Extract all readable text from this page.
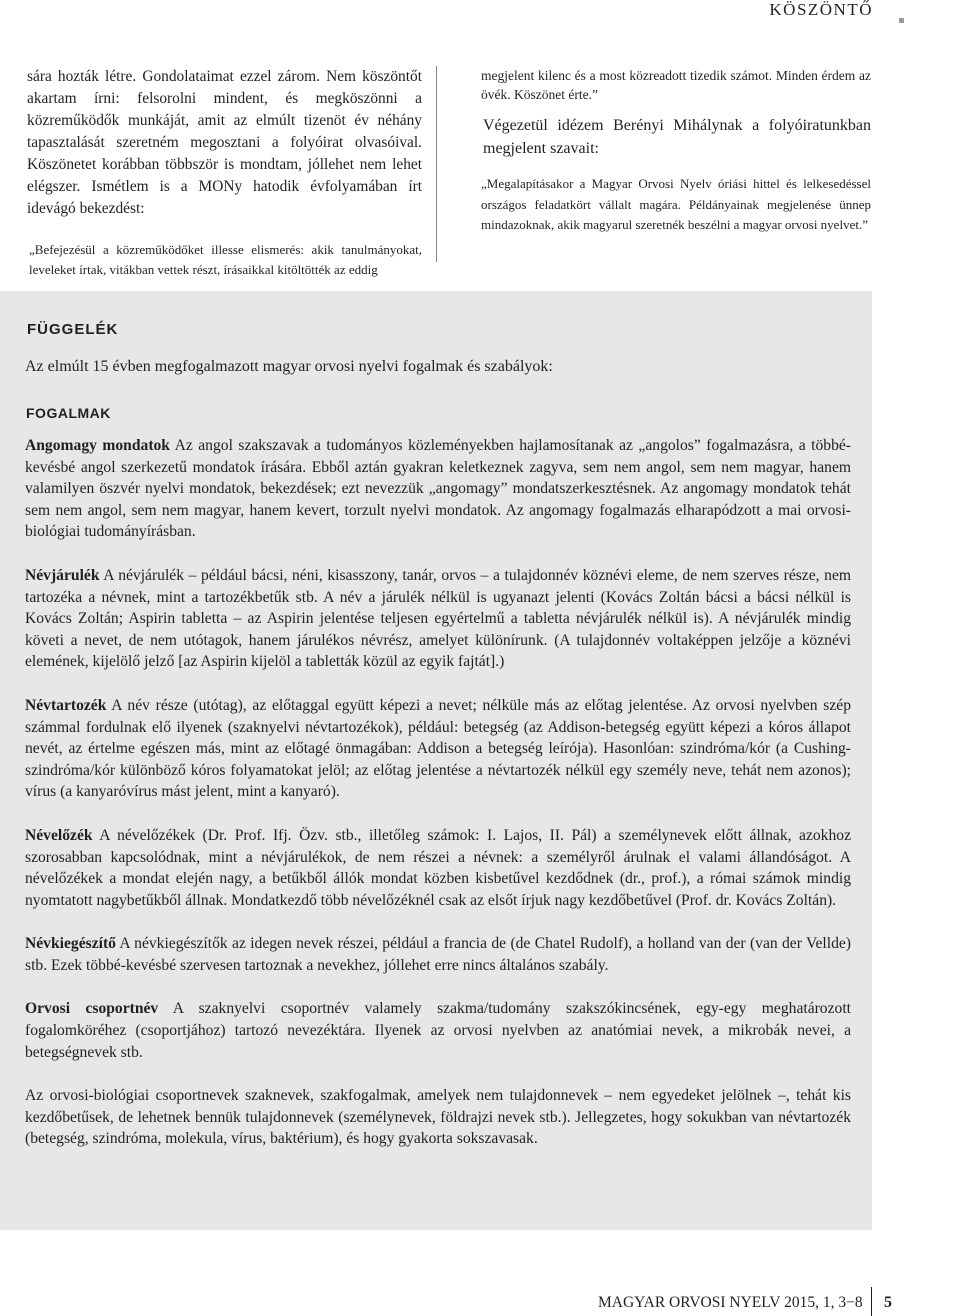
KÖSZÖNTŐ

sára hozták létre. Gondolataimat ezzel zárom. Nem köszöntőt akartam írni: felsorolni mindent, és megköszönni a közreműködők munkáját, amit az elmúlt tizenöt év néhány tapasztalását szeretném megosztani a folyóirat olvasóival. Köszönetet korábban többször is mondtam, jóllehet nem lehet elégszer. Ismétlem is a MONy hatodik évfolyamában írt idevágó bekezdést:

„Befejezésül a közreműködőket illesse elismerés: akik tanulmányokat, leveleket írtak, vitákban vettek részt, írásaikkal kitöltötték az eddig

megjelent kilenc és a most közreadott tizedik számot. Minden érdem az övék. Köszönet érte.”

Végezetül idézem Berényi Mihálynak a folyóiratunkban megjelent szavait:

„Megalapításakor a Magyar Orvosi Nyelv óriási hittel és lelkesedéssel országos feladatkört vállalt magára. Példányainak megjelenése ünnep mindazoknak, akik magyarul szeretnék beszélni a magyar orvosi nyelvet.”

FÜGGELÉK

Az elmúlt 15 évben megfogalmazott magyar orvosi nyelvi fogalmak és szabályok:

FOGALMAK

Angomagy mondatok Az angol szakszavak a tudományos közleményekben hajlamosítanak az „angolos” fogalmazásra, a többé-kevésbé angol szerkezetű mondatok írására. Ebből aztán gyakran keletkeznek zagyva, sem nem angol, sem nem magyar, hanem valamilyen öszvér nyelvi mondatok, bekezdések; ezt nevezzük „angomagy” mondatszerkesztésnek. Az angomagy mondatok tehát sem nem angol, sem nem magyar, hanem kevert, torzult nyelvi mondatok. Az angomagy fogalmazás elharapódzott a mai orvosi-biológiai tudományírásban.

Névjárulék A névjárulék – például bácsi, néni, kisasszony, tanár, orvos – a tulajdonnév köznévi eleme, de nem szerves része, nem tartozéka a névnek, mint a tartozékbetűk stb. A név a járulék nélkül is ugyanazt jelenti (Kovács Zoltán bácsi a bácsi nélkül is Kovács Zoltán; Aspirin tabletta – az Aspirin jelentése teljesen egyértelmű a tabletta névjárulék nélkül is). A névjárulék mindig követi a nevet, de nem utótagok, hanem járulékos névrész, amelyet különírunk. (A tulajdonnév voltaképpen jelzője a köznévi elemének, kijelölő jelző [az Aspirin kijelöl a tabletták közül az egyik fajtát].)

Névtartozék A név része (utótag), az előtaggal együtt képezi a nevet; nélküle más az előtag jelentése. Az orvosi nyelvben szép számmal fordulnak elő ilyenek (szaknyelvi névtartozékok), például: betegség (az Addison-betegség együtt képezi a kóros állapot nevét, az értelme egészen más, mint az előtagé önmagában: Addison a betegség leírója). Hasonlóan: szindróma/kór (a Cushing-szindróma/kór különböző kóros folyamatokat jelöl; az előtag jelentése a névtartozék nélkül egy személy neve, tehát nem azonos); vírus (a kanyaróvírus mást jelent, mint a kanyaró).

Névelőzék A névelőzékek (Dr. Prof. Ifj. Özv. stb., illetőleg számok: I. Lajos, II. Pál) a személynevek előtt állnak, azokhoz szorosabban kapcsolódnak, mint a névjárulékok, de nem részei a névnek: a személyről árulnak el valami állandóságot. A névelőzékek a mondat elején nagy, a betűkből állók mondat közben kisbetűvel kezdődnek (dr., prof.), a római számok mindig nyomtatott nagybetűkből állnak. Mondatkezdő több névelőzéknél csak az elsőt írjuk nagy kezdőbetűvel (Prof. dr. Kovács Zoltán).

Névkiegészítő A névkiegészítők az idegen nevek részei, például a francia de (de Chatel Rudolf), a holland van der (van der Vellde) stb. Ezek többé-kevésbé szervesen tartoznak a nevekhez, jóllehet erre nincs általános szabály.

Orvosi csoportnév A szaknyelvi csoportnév valamely szakma/tudomány szakszókincsének, egy-egy meghatározott fogalomköréhez (csoportjához) tartozó nevezéktára. Ilyenek az orvosi nyelvben az anatómiai nevek, a mikrobák nevei, a betegségnevek stb.

Az orvosi-biológiai csoportnevek szaknevek, szakfogalmak, amelyek nem tulajdonnevek – nem egyedeket jelölnek –, tehát kis kezdőbetűsek, de lehetnek bennük tulajdonnevek (személynevek, földrajzi nevek stb.). Jellegzetes, hogy sokukban van névtartozék (betegség, szindróma, molekula, vírus, baktérium), és hogy gyakorta sokszavasak.

MAGYAR ORVOSI NYELV 2015, 1, 3−8 5
